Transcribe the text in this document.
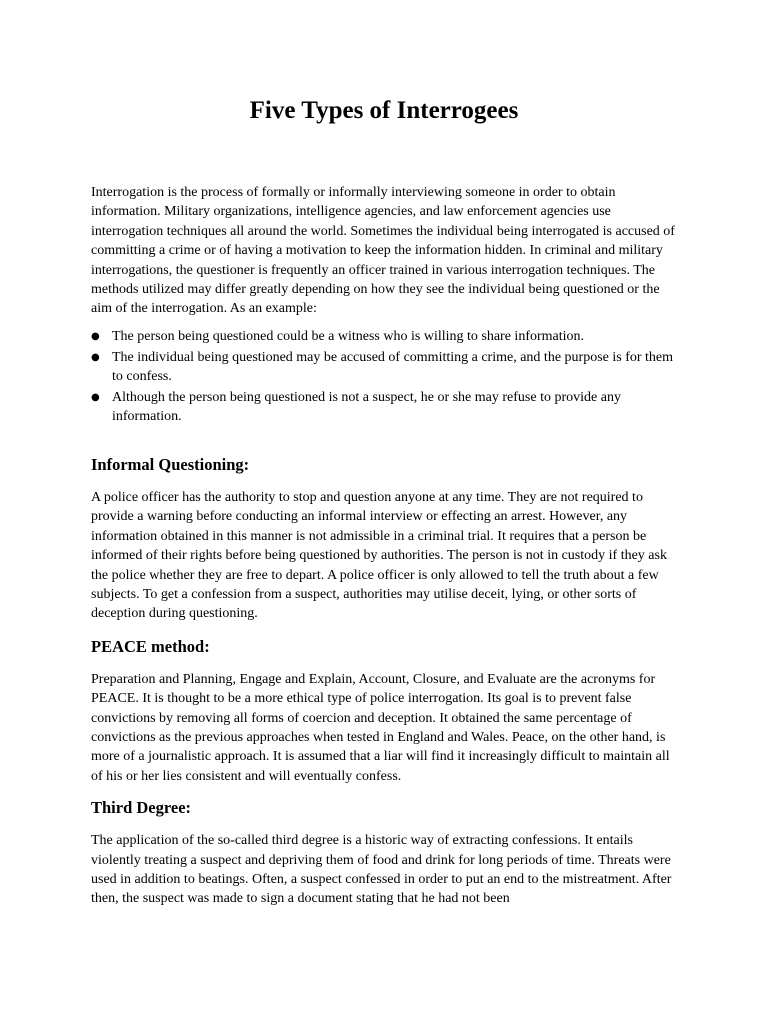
Five Types of Interrogees

Interrogation is the process of formally or informally interviewing someone in order to obtain information. Military organizations, intelligence agencies, and law enforcement agencies use interrogation techniques all around the world. Sometimes the individual being interrogated is accused of committing a crime or of having a motivation to keep the information hidden. In criminal and military interrogations, the questioner is frequently an officer trained in various interrogation techniques. The methods utilized may differ greatly depending on how they see the individual being questioned or the aim of the interrogation. As an example:

● The person being questioned could be a witness who is willing to share information.
● The individual being questioned may be accused of committing a crime, and the purpose is for them to confess.
● Although the person being questioned is not a suspect, he or she may refuse to provide any information.
Informal Questioning:

A police officer has the authority to stop and question anyone at any time. They are not required to provide a warning before conducting an informal interview or effecting an arrest. However, any information obtained in this manner is not admissible in a criminal trial. It requires that a person be informed of their rights before being questioned by authorities. The person is not in custody if they ask the police whether they are free to depart. A police officer is only allowed to tell the truth about a few subjects. To get a confession from a suspect, authorities may utilise deceit, lying, or other sorts of deception during questioning.

PEACE method:

Preparation and Planning, Engage and Explain, Account, Closure, and Evaluate are the acronyms for PEACE. It is thought to be a more ethical type of police interrogation. Its goal is to prevent false convictions by removing all forms of coercion and deception. It obtained the same percentage of convictions as the previous approaches when tested in England and Wales. Peace, on the other hand, is more of a journalistic approach. It is assumed that a liar will find it increasingly difficult to maintain all of his or her lies consistent and will eventually confess.

Third Degree:

The application of the so-called third degree is a historic way of extracting confessions. It entails violently treating a suspect and depriving them of food and drink for long periods of time. Threats were used in addition to beatings. Often, a suspect confessed in order to put an end to the mistreatment. After then, the suspect was made to sign a document stating that he had not been
